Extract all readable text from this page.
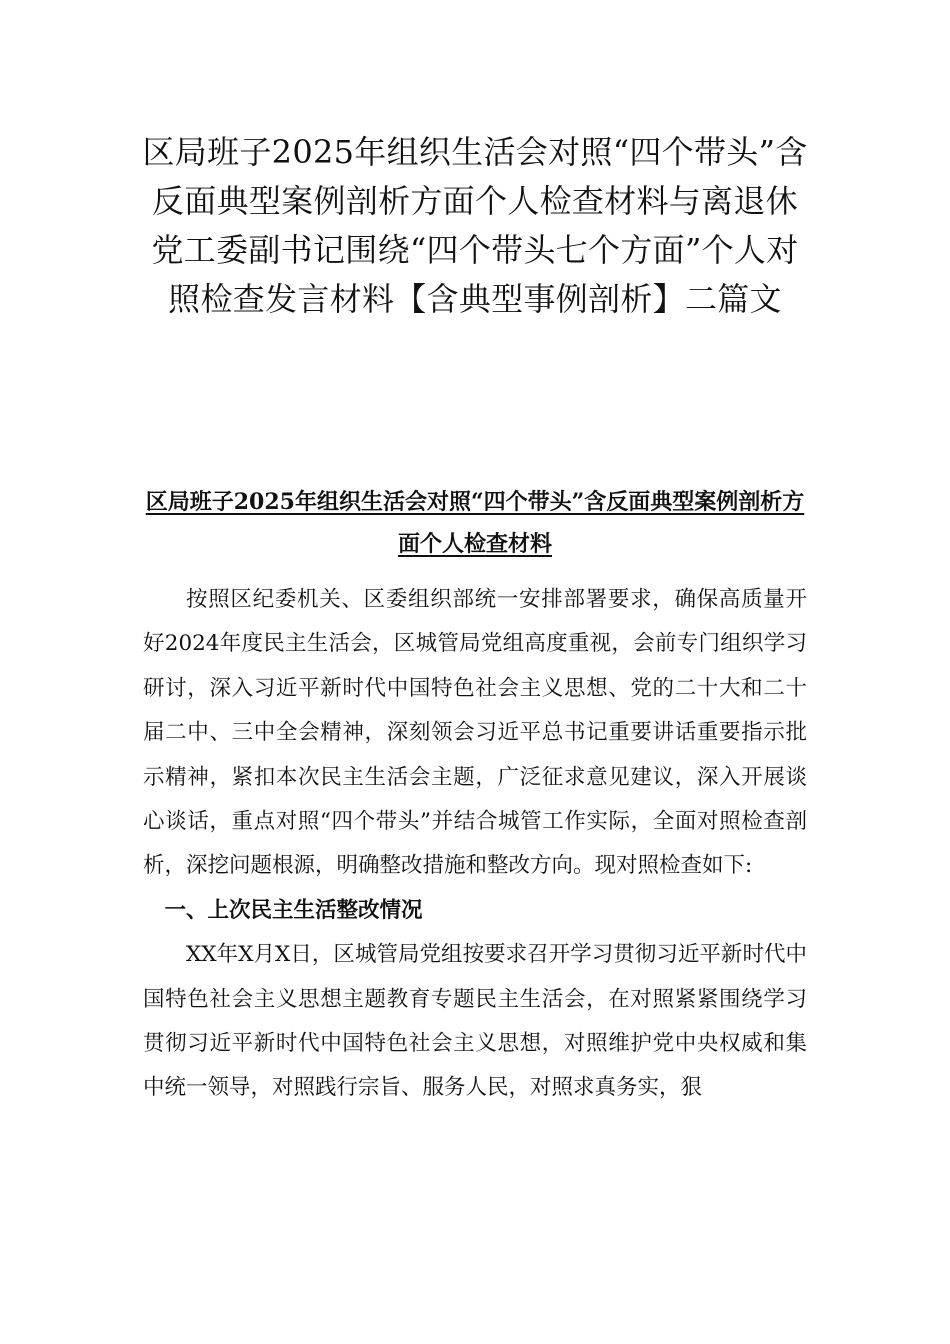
区局班子2025年组织生活会对照“四个带头”含反面典型案例剖析方面个人检查材料与离退休党工委副书记围绕“四个带头七个方面”个人对照检查发言材料【含典型事例剖析】二篇文
区局班子2025年组织生活会对照“四个带头”含反面典型案例剖析方面个人检查材料

按照区纪委机关、区委组织部统一安排部署要求，确保高质量开好2024年度民主生活会，区城管局党组高度重视，会前专门组织学习研讨，深入习近平新时代中国特色社会主义思想、党的二十大和二十届二中、三中全会精神，深刻领会习近平总书记重要讲话重要指示批示精神，紧扣本次民主生活会主题，广泛征求意见建议，深入开展谈心谈话，重点对照“四个带头”并结合城管工作实际，全面对照检查剖析，深挖问题根源，明确整改措施和整改方向。现对照检查如下:

一、上次民主生活整改情况

XX年X月X日，区城管局党组按要求召开学习贯彻习近平新时代中国特色社会主义思想主题教育专题民主生活会，在对照紧紧围绕学习贯彻习近平新时代中国特色社会主义思想，对照维护党中央权威和集中统一领导，对照践行宗旨、服务人民，对照求真务实，狠
